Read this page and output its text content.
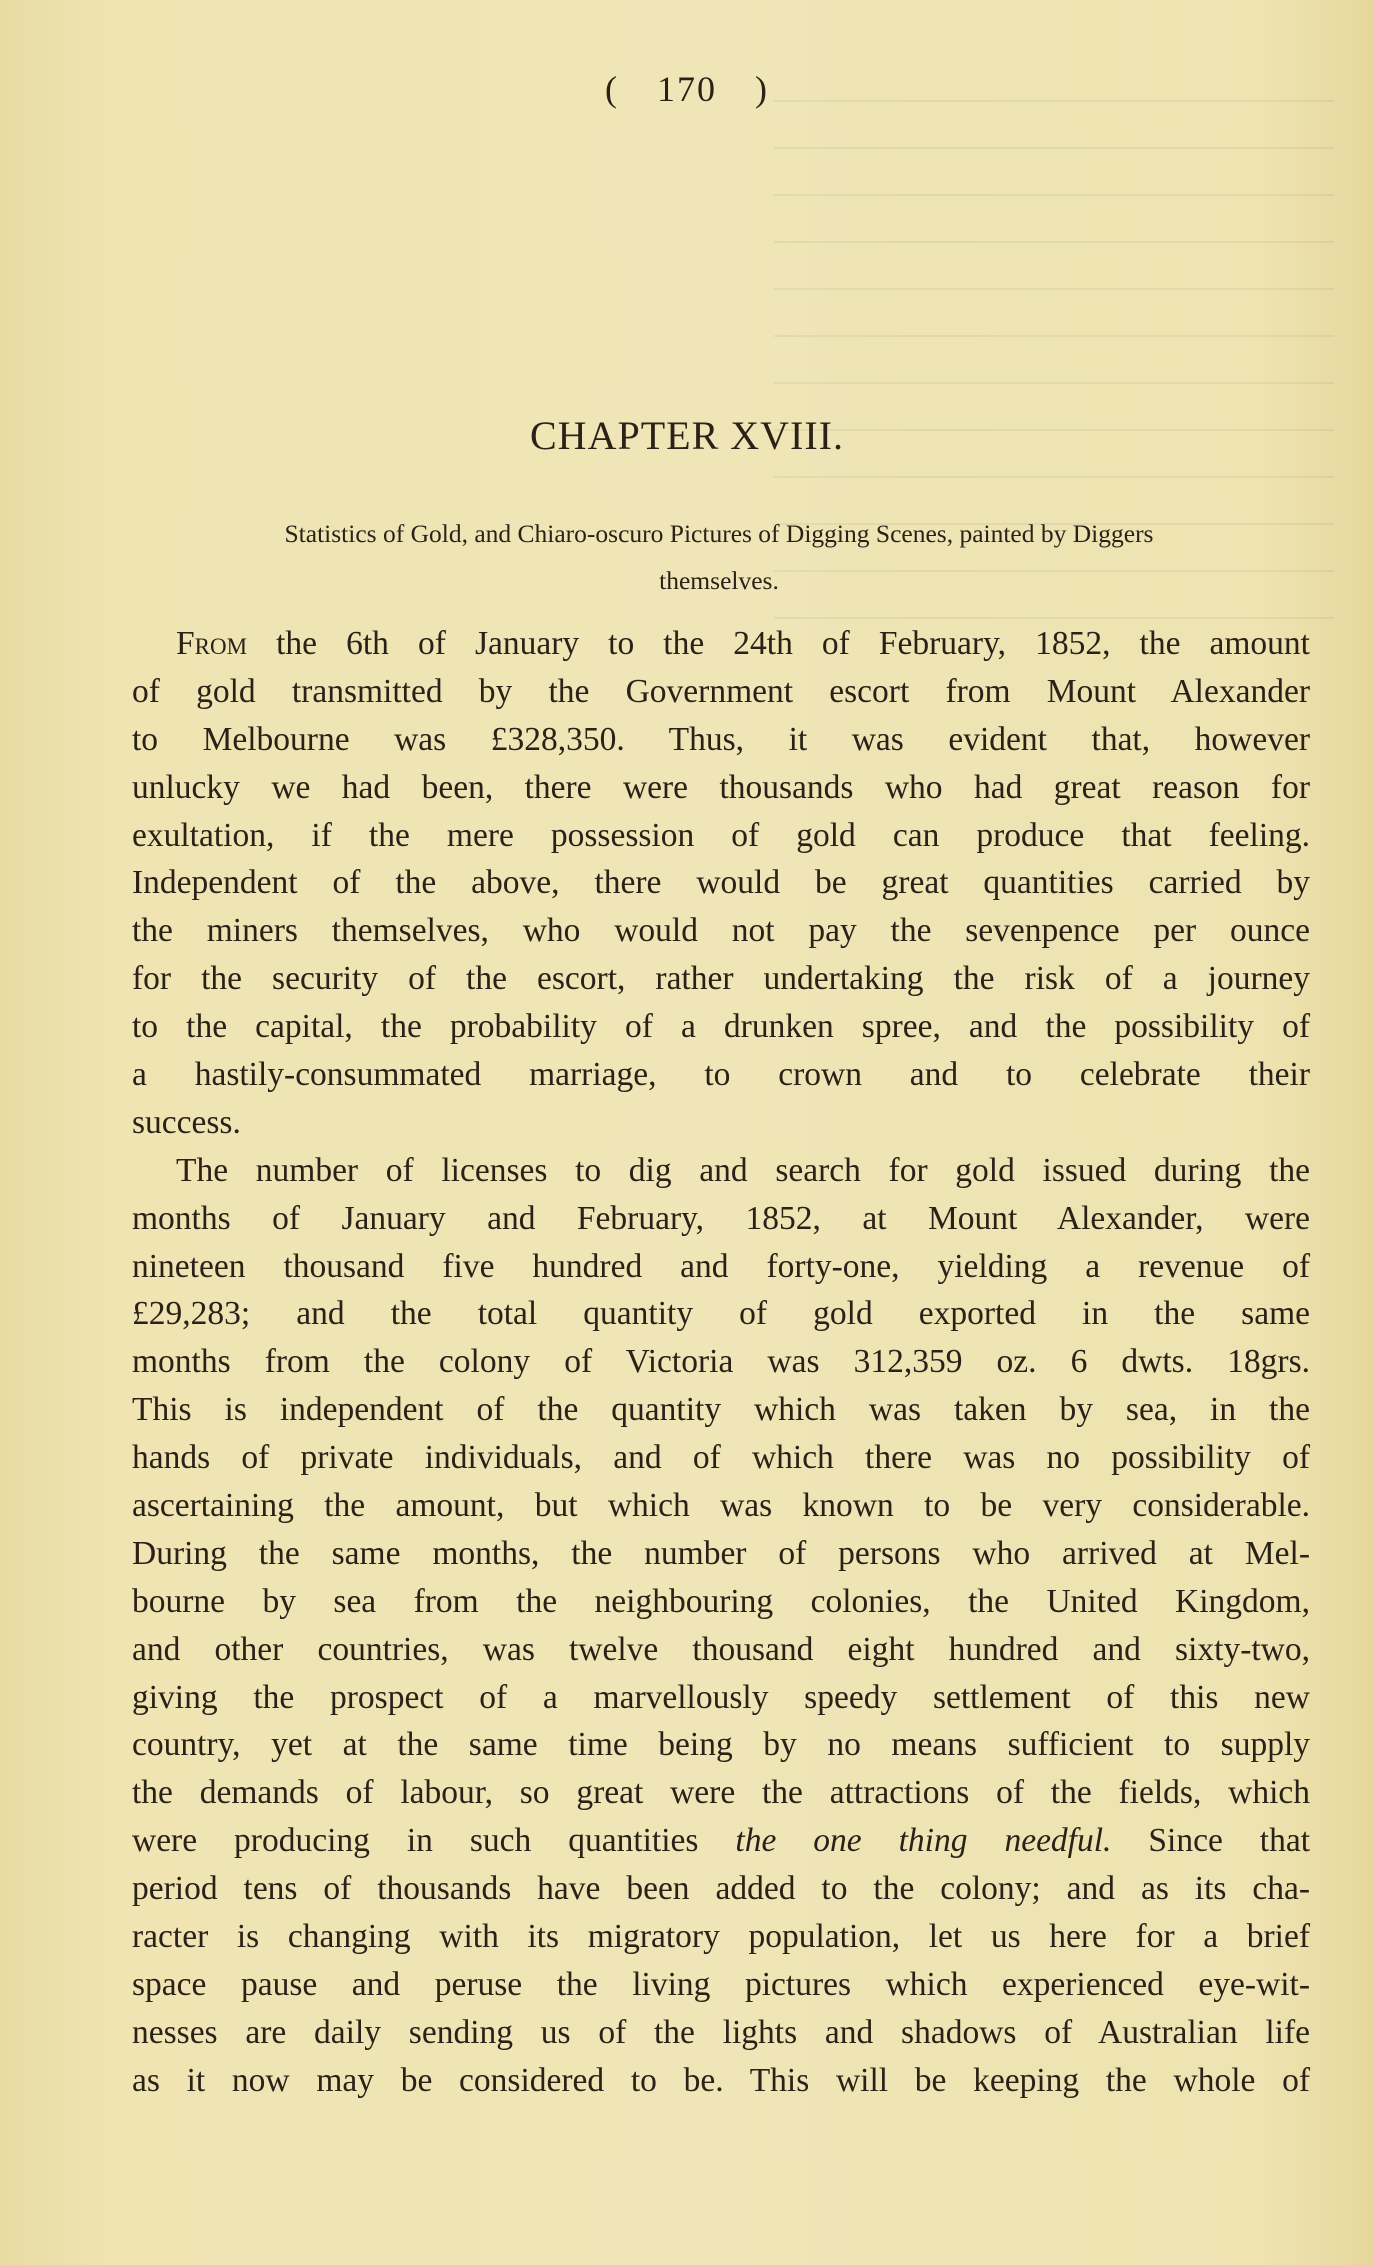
( 170 )
CHAPTER XVIII.
Statistics of Gold, and Chiaro-oscuro Pictures of Digging Scenes, painted by Diggers
themselves.
From the 6th of January to the 24th of February, 1852, the amount
of gold transmitted by the Government escort from Mount Alexander
to Melbourne was £328,350. Thus, it was evident that, however
unlucky we had been, there were thousands who had great reason for
exultation, if the mere possession of gold can produce that feeling.
Independent of the above, there would be great quantities carried by
the miners themselves, who would not pay the sevenpence per ounce
for the security of the escort, rather undertaking the risk of a journey
to the capital, the probability of a drunken spree, and the possibility of
a hastily-consummated marriage, to crown and to celebrate their
success.
The number of licenses to dig and search for gold issued during the
months of January and February, 1852, at Mount Alexander, were
nineteen thousand five hundred and forty-one, yielding a revenue of
£29,283; and the total quantity of gold exported in the same
months from the colony of Victoria was 312,359 oz. 6 dwts. 18grs.
This is independent of the quantity which was taken by sea, in the
hands of private individuals, and of which there was no possibility of
ascertaining the amount, but which was known to be very considerable.
During the same months, the number of persons who arrived at Mel-
bourne by sea from the neighbouring colonies, the United Kingdom,
and other countries, was twelve thousand eight hundred and sixty-two,
giving the prospect of a marvellously speedy settlement of this new
country, yet at the same time being by no means sufficient to supply
the demands of labour, so great were the attractions of the fields, which
were producing in such quantities the one thing needful. Since that
period tens of thousands have been added to the colony; and as its cha-
racter is changing with its migratory population, let us here for a brief
space pause and peruse the living pictures which experienced eye-wit-
nesses are daily sending us of the lights and shadows of Australian life
as it now may be considered to be. This will be keeping the whole of
